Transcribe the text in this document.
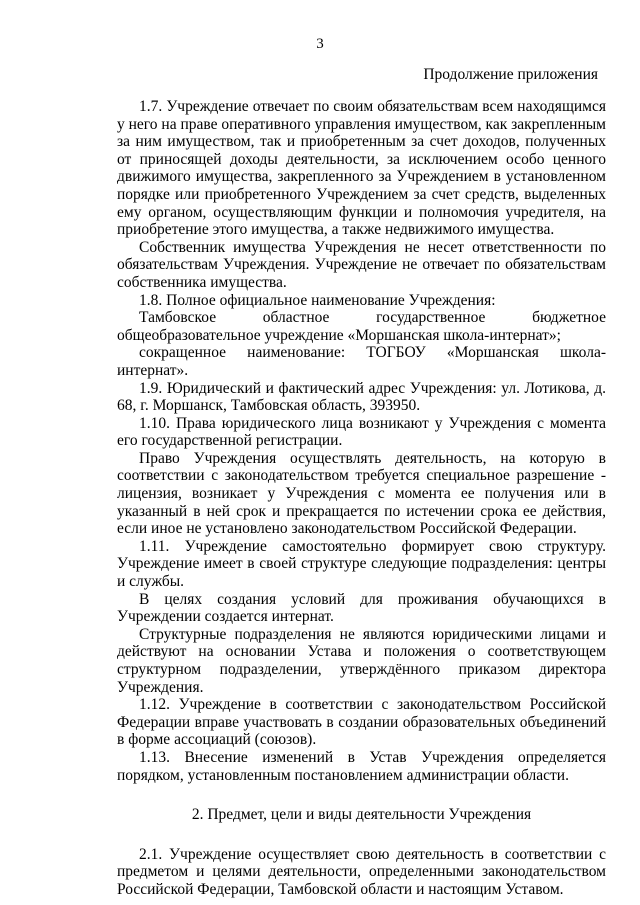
3
Продолжение приложения

1.7. Учреждение отвечает по своим обязательствам всем находящимся у него на праве оперативного управления имуществом, как закрепленным за ним имуществом, так и приобретенным за счет доходов, полученных от приносящей доходы деятельности, за исключением особо ценного движимого имущества, закрепленного за Учреждением в установленном порядке или приобретенного Учреждением за счет средств, выделенных ему органом, осуществляющим функции и полномочия учредителя, на приобретение этого имущества, а также недвижимого имущества.

Собственник имущества Учреждения не несет ответственности по обязательствам Учреждения. Учреждение не отвечает по обязательствам собственника имущества.

1.8. Полное официальное наименование Учреждения:

Тамбовское	областное	государственное	бюджетное

общеобразовательное учреждение «Моршанская школа-интернат»;

сокращенное наименование: ТОГБОУ «Моршанская школа-интернат».

1.9. Юридический и фактический адрес Учреждения: ул. Лотикова, д. 68, г. Моршанск, Тамбовская область, 393950.

1.10. Права юридического лица возникают у Учреждения с момента его государственной регистрации.

Право Учреждения осуществлять деятельность, на которую в соответствии с законодательством требуется специальное разрешение - лицензия, возникает у Учреждения с момента ее получения или в указанный в ней срок и прекращается по истечении срока ее действия, если иное не установлено законодательством Российской Федерации.

1.11. Учреждение самостоятельно формирует свою структуру. Учреждение имеет в своей структуре следующие подразделения: центры и службы.

В целях создания условий для проживания обучающихся в Учреждении создается интернат.

Структурные подразделения не являются юридическими лицами и действуют на основании Устава и положения о соответствующем структурном подразделении, утверждённого приказом директора Учреждения.

1.12. Учреждение в соответствии с законодательством Российской Федерации вправе участвовать в создании образовательных объединений в форме ассоциаций (союзов).

1.13. Внесение изменений в Устав Учреждения определяется порядком, установленным постановлением администрации области.

2. Предмет, цели и виды деятельности Учреждения

2.1. Учреждение осуществляет свою деятельность в соответствии с предметом и целями деятельности, определенными законодательством Российской Федерации, Тамбовской области и настоящим Уставом.
